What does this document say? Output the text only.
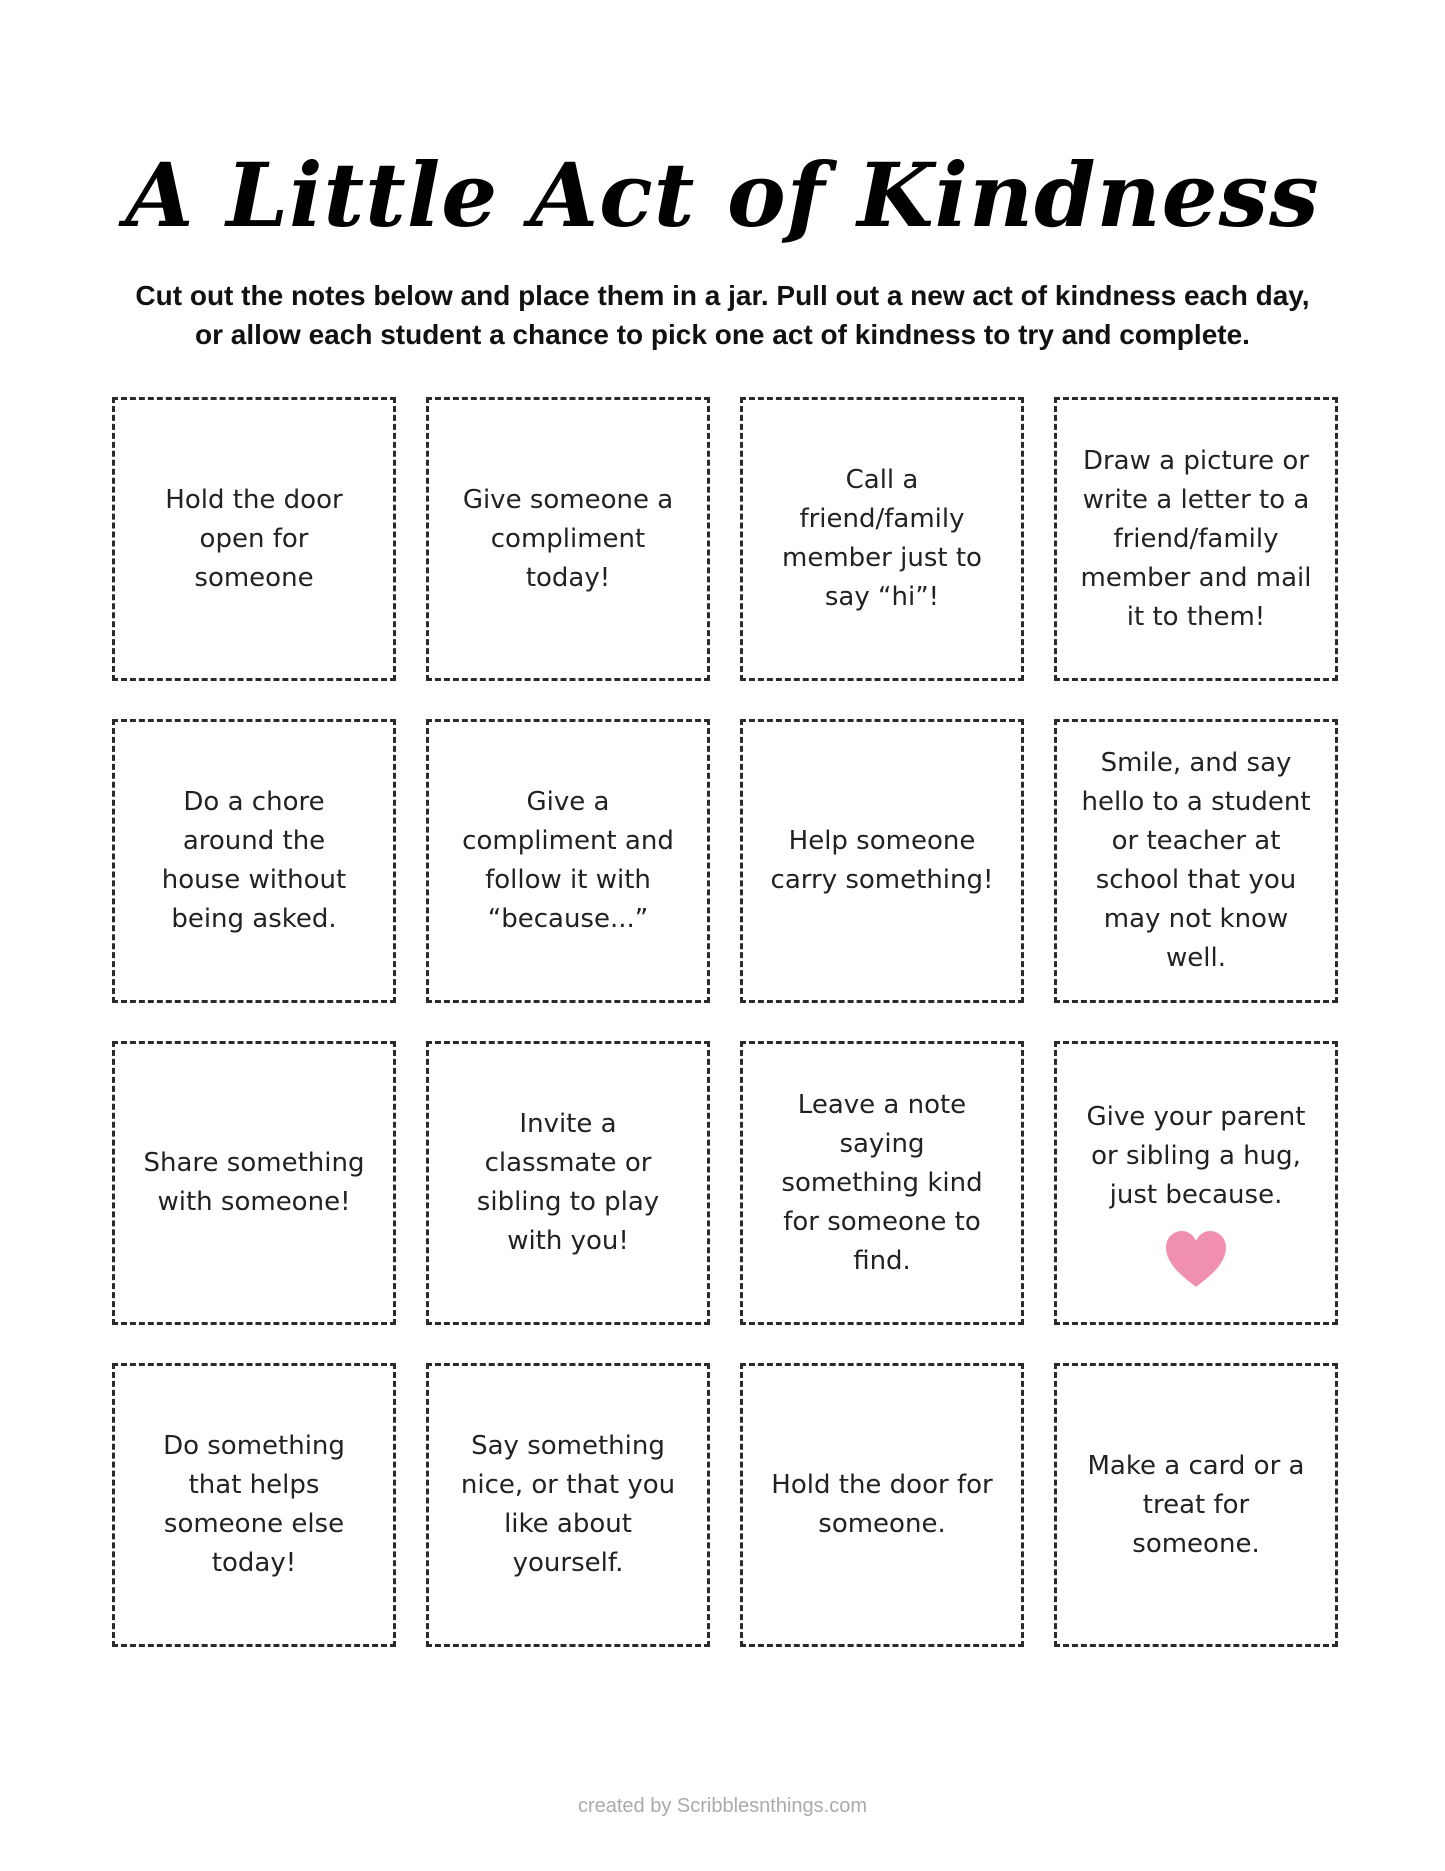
A Little Act of Kindness
Cut out the notes below and place them in a jar. Pull out a new act of kindness each day, or allow each student a chance to pick one act of kindness to try and complete.
Hold the door open for someone
Give someone a compliment today!
Call a friend/family member just to say “hi”!
Draw a picture or write a letter to a friend/family member and mail it to them!
Do a chore around the house without being asked.
Give a compliment and follow it with “because...”
Help someone carry something!
Smile, and say hello to a student or teacher at school that you may not know well.
Share something with someone!
Invite a classmate or sibling to play with you!
Leave a note saying something kind for someone to find.
Give your parent or sibling a hug, just because.
Do something that helps someone else today!
Say something nice, or that you like about yourself.
Hold the door for someone.
Make a card or a treat for someone.
created by Scribblesnthings.com
